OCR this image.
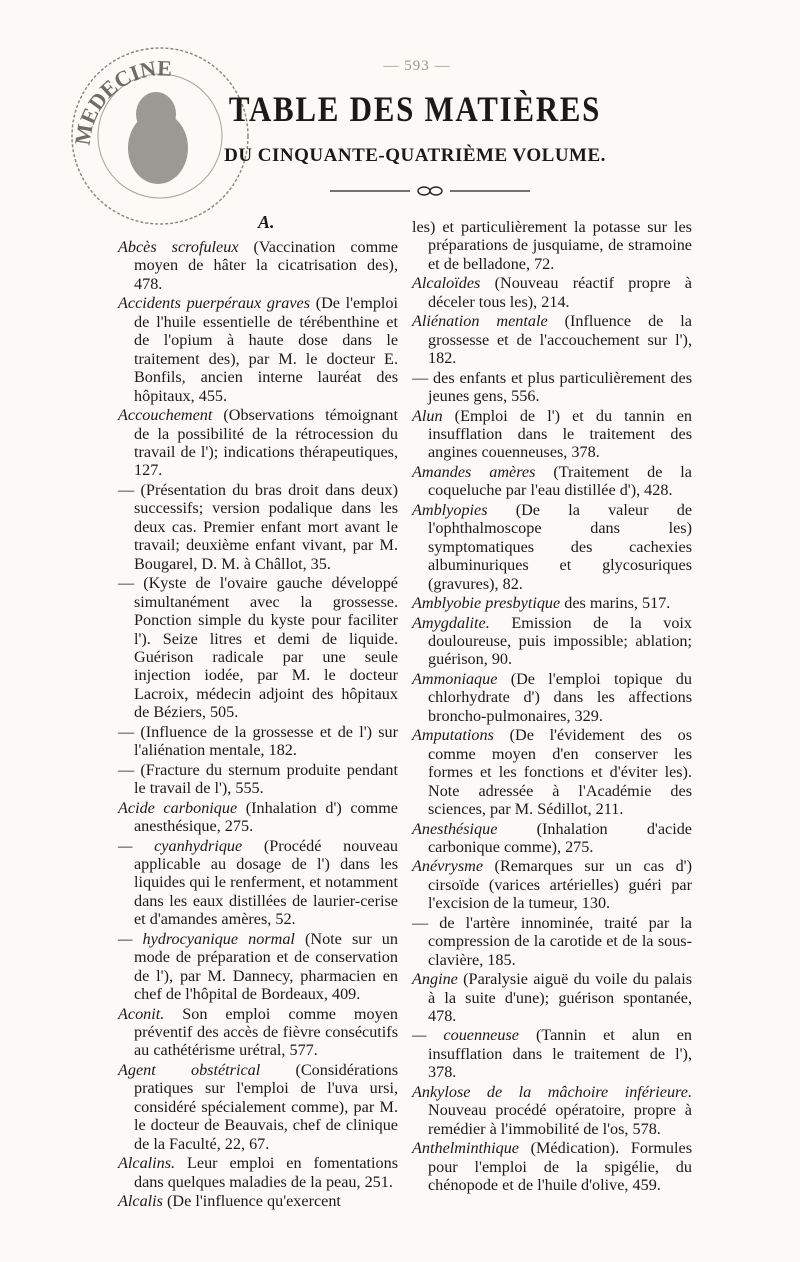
— 593 —
MEDECINE
TABLE DES MATIÈRES
DU CINQUANTE-QUATRIÈME VOLUME.
A.

Abcès scrofuleux (Vaccination comme moyen de hâter la cicatrisation des), 478.

Accidents puerpéraux graves (De l'emploi de l'huile essentielle de térébenthine et de l'opium à haute dose dans le traitement des), par M. le docteur E. Bonfils, ancien interne lauréat des hôpitaux, 455.

Accouchement (Observations témoignant de la possibilité de la rétrocession du travail de l'); indications thérapeutiques, 127.

— (Présentation du bras droit dans deux) successifs; version podalique dans les deux cas. Premier enfant mort avant le travail; deuxième enfant vivant, par M. Bougarel, D. M. à Châllot, 35.

— (Kyste de l'ovaire gauche développé simultanément avec la grossesse. Ponction simple du kyste pour faciliter l'). Seize litres et demi de liquide. Guérison radicale par une seule injection iodée, par M. le docteur Lacroix, médecin adjoint des hôpitaux de Béziers, 505.

— (Influence de la grossesse et de l') sur l'aliénation mentale, 182.

— (Fracture du sternum produite pendant le travail de l'), 555.

Acide carbonique (Inhalation d') comme anesthésique, 275.

— cyanhydrique (Procédé nouveau applicable au dosage de l') dans les liquides qui le renferment, et notamment dans les eaux distillées de laurier-cerise et d'amandes amères, 52.

— hydrocyanique normal (Note sur un mode de préparation et de conservation de l'), par M. Dannecy, pharmacien en chef de l'hôpital de Bordeaux, 409.

Aconit. Son emploi comme moyen préventif des accès de fièvre consécutifs au cathétérisme urétral, 577.

Agent obstétrical (Considérations pratiques sur l'emploi de l'uva ursi, considéré spécialement comme), par M. le docteur de Beauvais, chef de clinique de la Faculté, 22, 67.

Alcalins. Leur emploi en fomentations dans quelques maladies de la peau, 251.

Alcalis (De l'influence qu'exercent

les) et particulièrement la potasse sur les préparations de jusquiame, de stramoine et de belladone, 72.

Alcaloïdes (Nouveau réactif propre à déceler tous les), 214.

Aliénation mentale (Influence de la grossesse et de l'accouchement sur l'), 182.

— des enfants et plus particulièrement des jeunes gens, 556.

Alun (Emploi de l') et du tannin en insufflation dans le traitement des angines couenneuses, 378.

Amandes amères (Traitement de la coqueluche par l'eau distillée d'), 428.

Amblyopies (De la valeur de l'ophthalmoscope dans les) symptomatiques des cachexies albuminuriques et glycosuriques (gravures), 82.

Amblyobie presbytique des marins, 517.

Amygdalite. Emission de la voix douloureuse, puis impossible; ablation; guérison, 90.

Ammoniaque (De l'emploi topique du chlorhydrate d') dans les affections broncho-pulmonaires, 329.

Amputations (De l'évidement des os comme moyen d'en conserver les formes et les fonctions et d'éviter les). Note adressée à l'Académie des sciences, par M. Sédillot, 211.

Anesthésique (Inhalation d'acide carbonique comme), 275.

Anévrysme (Remarques sur un cas d') cirsoïde (varices artérielles) guéri par l'excision de la tumeur, 130.

— de l'artère innominée, traité par la compression de la carotide et de la sous-clavière, 185.

Angine (Paralysie aiguë du voile du palais à la suite d'une); guérison spontanée, 478.

— couenneuse (Tannin et alun en insufflation dans le traitement de l'), 378.

Ankylose de la mâchoire inférieure. Nouveau procédé opératoire, propre à remédier à l'immobilité de l'os, 578.

Anthelminthique (Médication). Formules pour l'emploi de la spigélie, du chénopode et de l'huile d'olive, 459.
